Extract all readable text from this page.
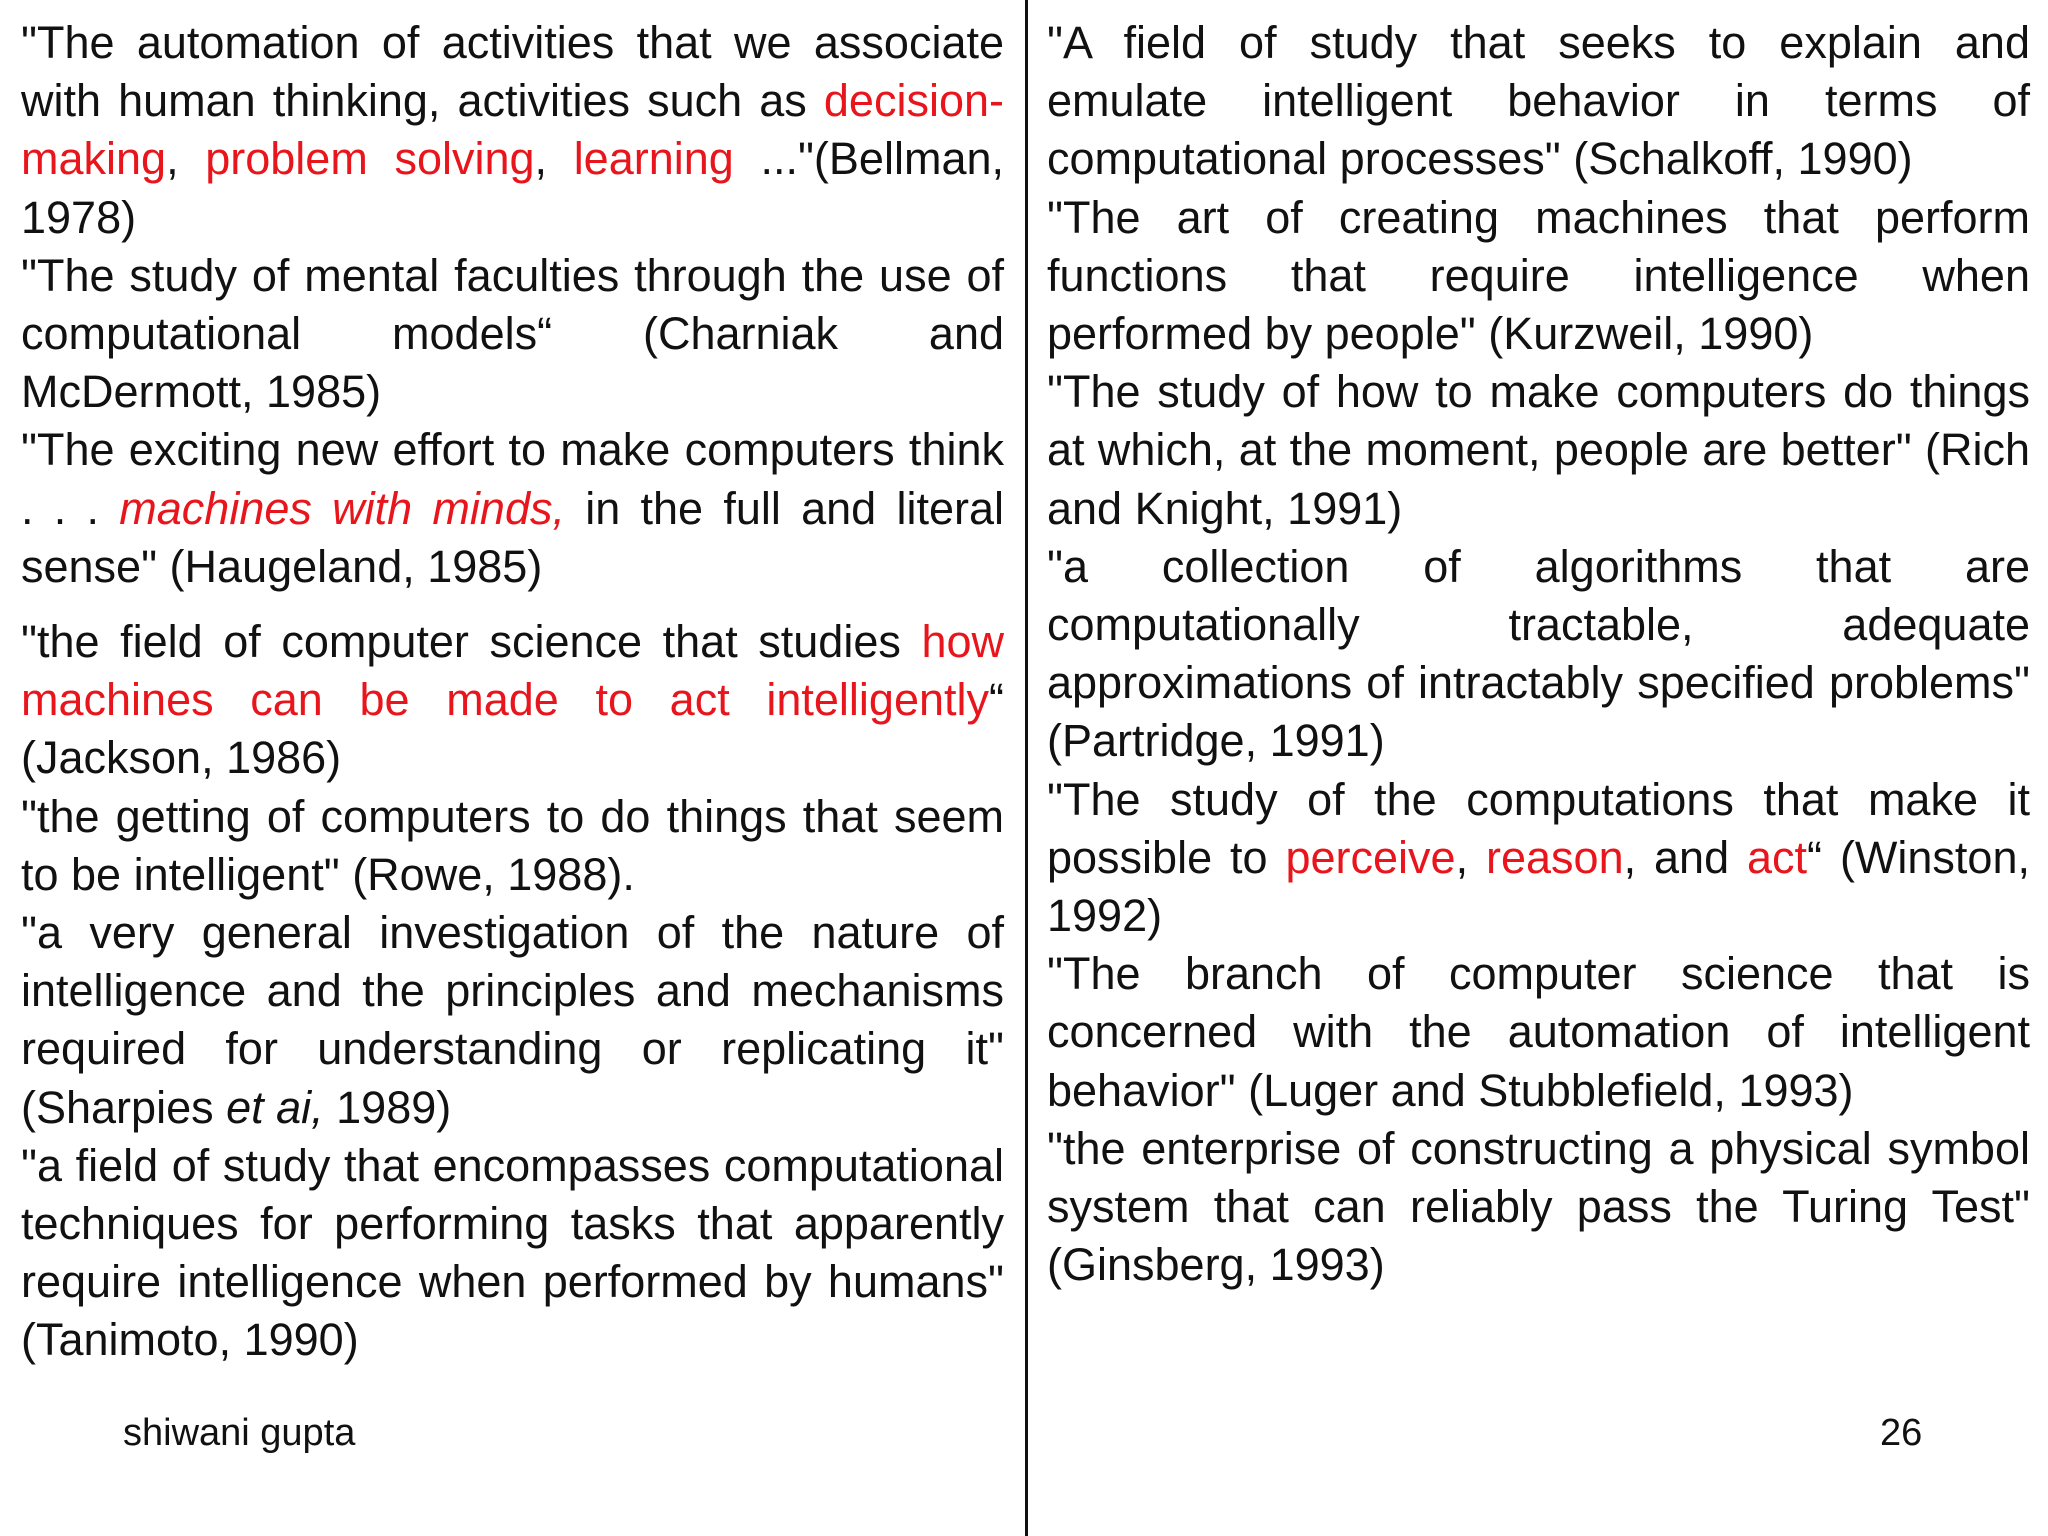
"The automation of activities that we associate with human thinking, activities such as decision-making, problem solving, learning ..."(Bellman, 1978)

"The study of mental faculties through the use of computational models“ (Charniak and McDermott, 1985)

"The exciting new effort to make computers think . . . machines with minds, in the full and literal sense" (Haugeland, 1985)

"the field of computer science that studies how machines can be made to act intelligently“ (Jackson, 1986)

"the getting of computers to do things that seem to be intelligent" (Rowe, 1988).

"a very general investigation of the nature of intelligence and the principles and mechanisms required for understanding or replicating it" (Sharpies et ai, 1989)

"a field of study that encompasses computational techniques for performing tasks that apparently require intelligence when performed by humans" (Tanimoto, 1990)

"A field of study that seeks to explain and emulate intelligent behavior in terms of computational processes" (Schalkoff, 1990)

"The art of creating machines that perform functions that require intelligence when performed by people" (Kurzweil, 1990)

"The study of how to make computers do things at which, at the moment, people are better" (Rich and Knight, 1991)

"a collection of algorithms that are computationally tractable, adequate approximations of intractably specified problems" (Partridge, 1991)

"The study of the computations that make it possible to perceive, reason, and act“ (Winston, 1992)

"The branch of computer science that is concerned with the automation of intelligent behavior" (Luger and Stubblefield, 1993)

"the enterprise of constructing a physical symbol system that can reliably pass the Turing Test" (Ginsberg, 1993)

shiwani gupta	26
